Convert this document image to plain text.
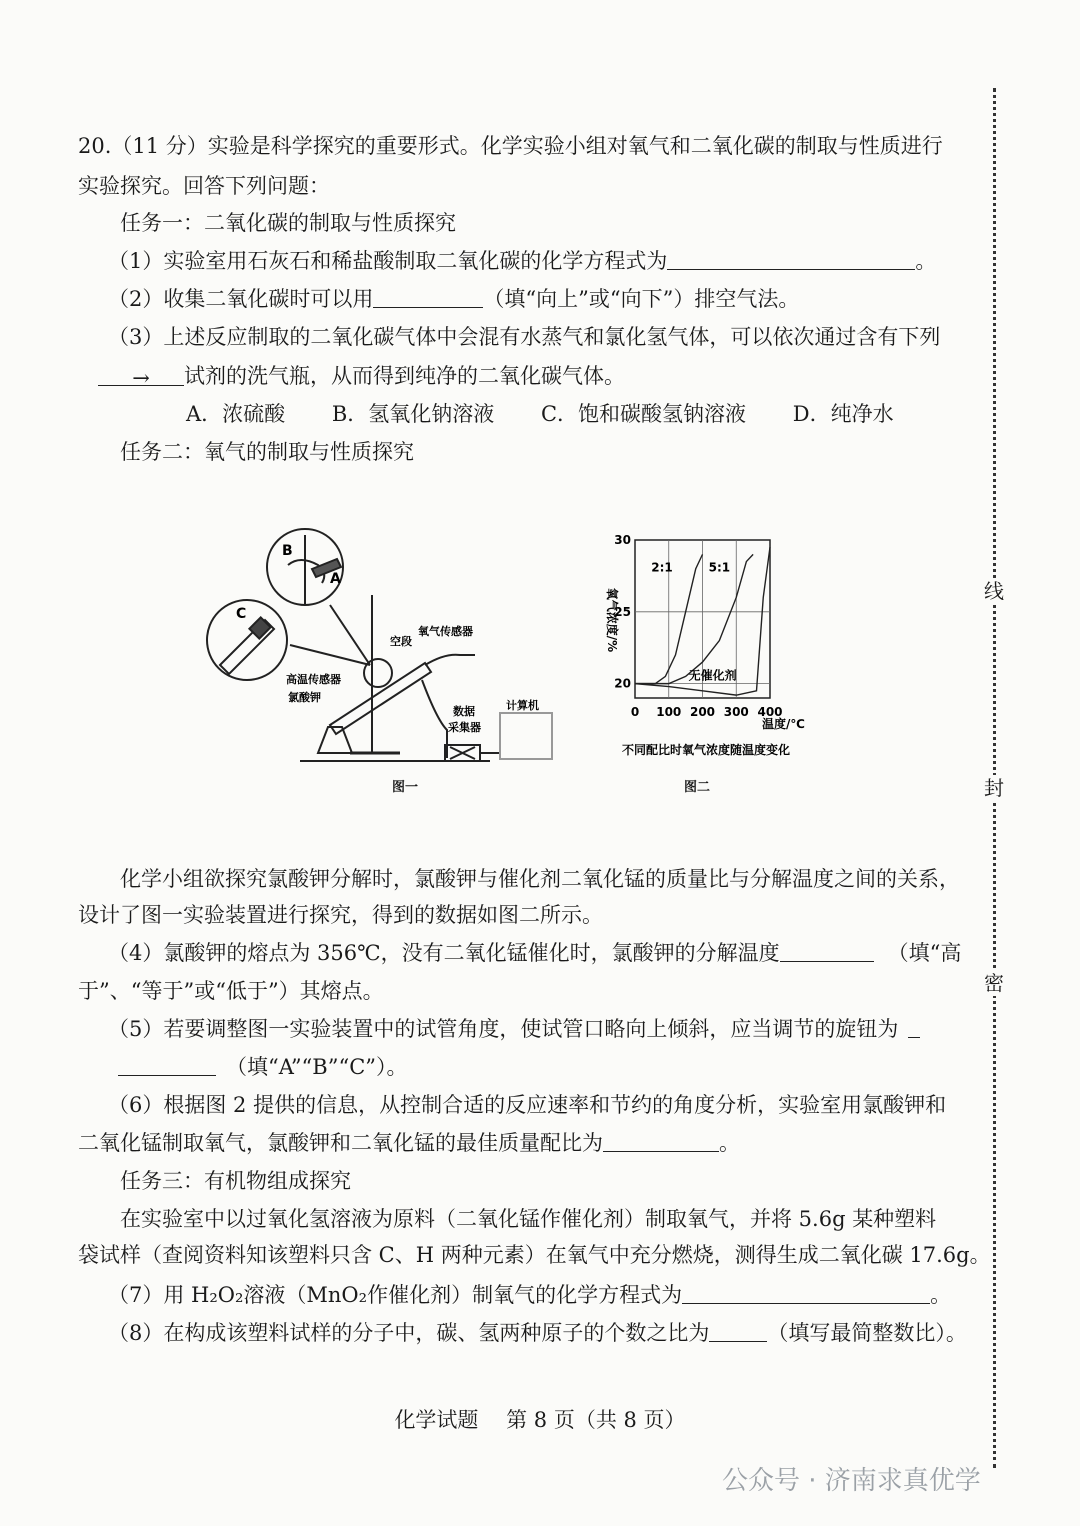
线
封
密
20.（11 分）实验是科学探究的重要形式。化学实验小组对氧气和二氧化碳的制取与性质进行
实验探究。回答下列问题：
任务一：二氧化碳的制取与性质探究
（1）实验室用石灰石和稀盐酸制取二氧化碳的化学方程式为	。
（2）收集二氧化碳时可以用	（填“向上”或“向下”）排空气法。
（3）上述反应制取的二氧化碳气体中会混有水蒸气和氯化氢气体，可以依次通过含有下列
→ 试剂的洗气瓶，从而得到纯净的二氧化碳气体。
A．浓硫酸 B．氢氧化钠溶液 C．饱和碳酸氢钠溶液 D．纯净水
任务二：氧气的制取与性质探究
B
A
C
空段
氧气传感器
高温传感器
氯酸钾
数据
采集器
计算机
图一
氧气浓度/%
2:1	5:1
无催化剂
0 100 200 300 400
20
25
30
温度/℃
不同配比时氧气浓度随温度变化
图二
化学小组欲探究氯酸钾分解时，氯酸钾与催化剂二氧化锰的质量比与分解温度之间的关系，
设计了图一实验装置进行探究，得到的数据如图二所示。
（4）氯酸钾的熔点为 356℃，没有二氧化锰催化时，氯酸钾的分解温度	（填“高
于”、“等于”或“低于”）其熔点。
（5）若要调整图一实验装置中的试管角度，使试管口略向上倾斜，应当调节的旋钮为
（填“A”“B”“C”）。
（6）根据图 2 提供的信息，从控制合适的反应速率和节约的角度分析，实验室用氯酸钾和
二氧化锰制取氧气，氯酸钾和二氧化锰的最佳质量配比为	。
任务三：有机物组成探究
在实验室中以过氧化氢溶液为原料（二氧化锰作催化剂）制取氧气，并将 5.6g 某种塑料
袋试样（查阅资料知该塑料只含 C、H 两种元素）在氧气中充分燃烧，测得生成二氧化碳 17.6g。
（7）用 H₂O₂溶液（MnO₂作催化剂）制氧气的化学方程式为	。
（8）在构成该塑料试样的分子中，碳、氢两种原子的个数之比为	（填写最简整数比）。
化学试题　 第 8 页（共 8 页）
公众号 · 济南求真优学
